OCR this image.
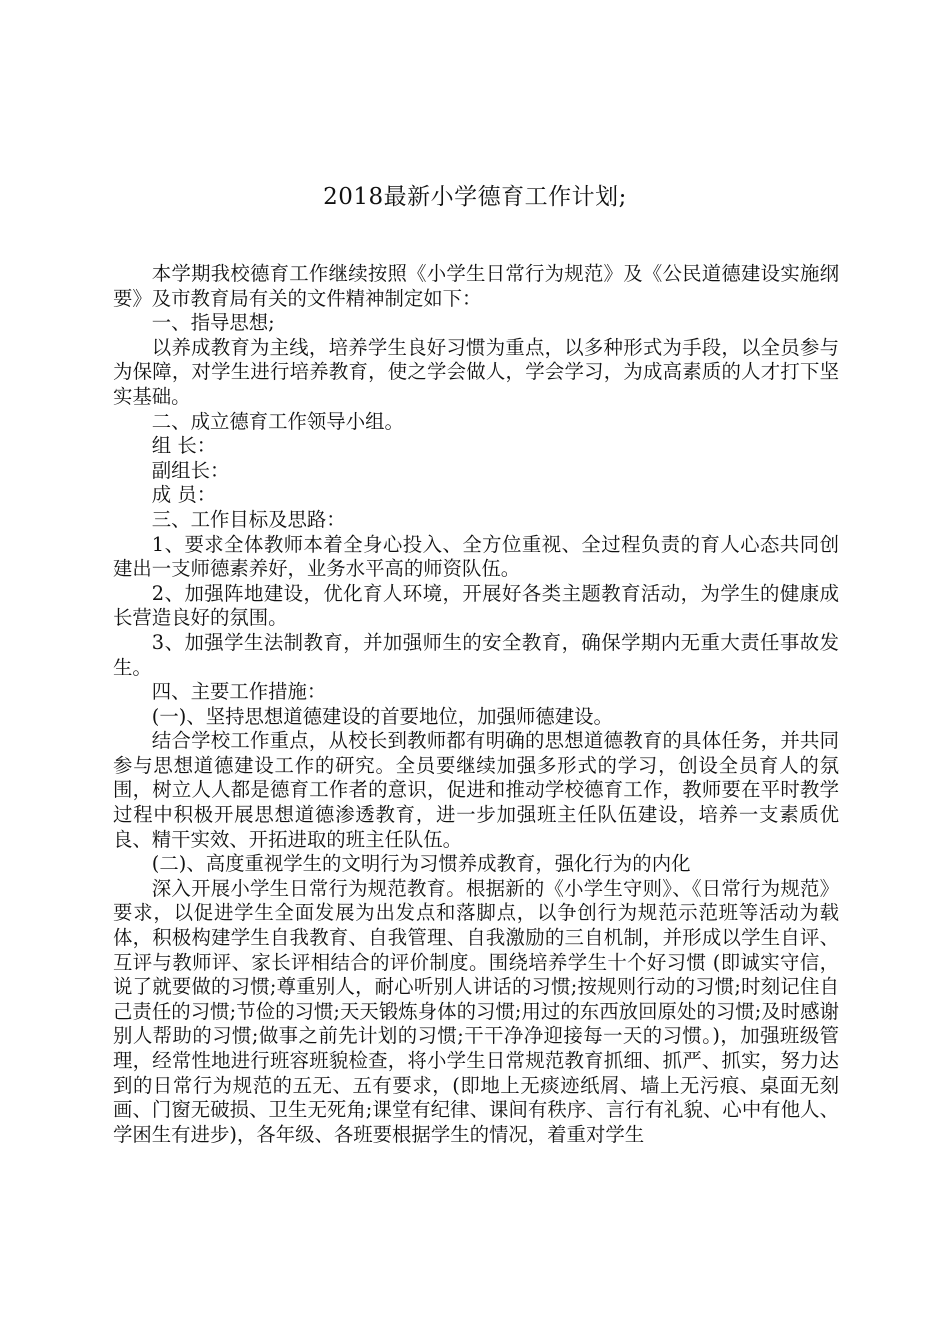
2018最新小学德育工作计划;

本学期我校德育工作继续按照《小学生日常行为规范》及《公民道德建设实施纲要》及市教育局有关的文件精神制定如下：

一、指导思想;

以养成教育为主线，培养学生良好习惯为重点，以多种形式为手段，以全员参与为保障，对学生进行培养教育，使之学会做人，学会学习，为成高素质的人才打下坚实基础。

二、成立德育工作领导小组。

组 长：

副组长：

成 员：

三、工作目标及思路：

1、要求全体教师本着全身心投入、全方位重视、全过程负责的育人心态共同创建出一支师德素养好，业务水平高的师资队伍。

2、加强阵地建设，优化育人环境，开展好各类主题教育活动，为学生的健康成长营造良好的氛围。

3、加强学生法制教育，并加强师生的安全教育，确保学期内无重大责任事故发生。

四、主要工作措施：

(一)、坚持思想道德建设的首要地位，加强师德建设。

结合学校工作重点，从校长到教师都有明确的思想道德教育的具体任务，并共同参与思想道德建设工作的研究。全员要继续加强多形式的学习，创设全员育人的氛围，树立人人都是德育工作者的意识，促进和推动学校德育工作，教师要在平时教学过程中积极开展思想道德渗透教育，进一步加强班主任队伍建设，培养一支素质优良、精干实效、开拓进取的班主任队伍。

(二)、高度重视学生的文明行为习惯养成教育，强化行为的内化

深入开展小学生日常行为规范教育。根据新的《小学生守则》、《日常行为规范》要求，以促进学生全面发展为出发点和落脚点，以争创行为规范示范班等活动为载体，积极构建学生自我教育、自我管理、自我激励的三自机制，并形成以学生自评、互评与教师评、家长评相结合的评价制度。围绕培养学生十个好习惯 (即诚实守信，说了就要做的习惯;尊重别人，耐心听别人讲话的习惯;按规则行动的习惯;时刻记住自己责任的习惯;节俭的习惯;天天锻炼身体的习惯;用过的东西放回原处的习惯;及时感谢别人帮助的习惯;做事之前先计划的习惯;干干净净迎接每一天的习惯。)，加强班级管理，经常性地进行班容班貌检查，将小学生日常规范教育抓细、抓严、抓实，努力达到的日常行为规范的五无、五有要求，(即地上无痰迹纸屑、墙上无污痕、桌面无刻画、门窗无破损、卫生无死角;课堂有纪律、课间有秩序、言行有礼貌、心中有他人、学困生有进步)，各年级、各班要根据学生的情况，着重对学生
